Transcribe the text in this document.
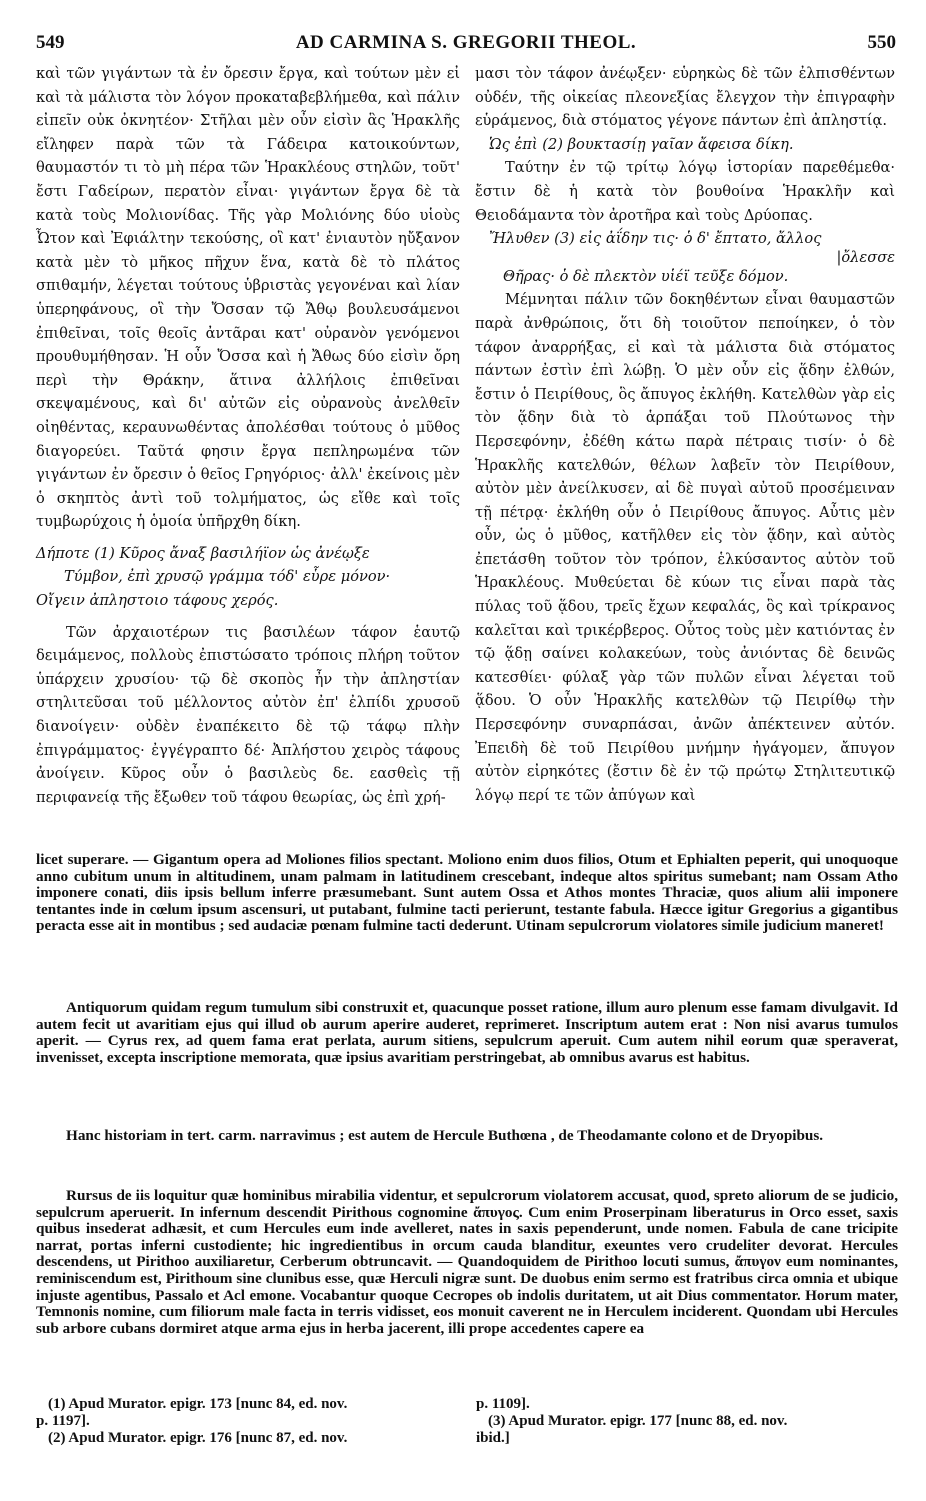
549	AD CARMINA S. GREGORII THEOL.	550

καὶ τῶν γιγάντων τὰ ἐν ὄρεσιν ἔργα, καὶ τούτων μὲν εἰ καὶ τὰ μάλιστα τὸν λόγον προκαταβεβλήμεθα, καὶ πάλιν εἰπεῖν οὐκ ὀκνητέον· Στῆλαι μὲν οὖν εἰσὶν ἃς Ἡρακλῆς εἴληφεν παρὰ τῶν τὰ Γάδειρα κατοικούντων, θαυμαστόν τι τὸ μὴ πέρα τῶν Ἡρακλέους στηλῶν, τοῦτ' ἔστι Γαδείρων, περατὸν εἶναι· γιγάντων ἔργα δὲ τὰ κατὰ τοὺς Μολιονίδας. Τῆς γὰρ Μολιόνης δύο υἱοὺς Ὦτον καὶ Ἐφιάλτην τεκούσης, οἳ κατ' ἐνιαυτὸν ηὔξανον κατὰ μὲν τὸ μῆκος πῆχυν ἕνα, κατὰ δὲ τὸ πλάτος σπιθαμήν, λέγεται τούτους ὑβριστὰς γεγονέναι καὶ λίαν ὑπερηφάνους, οἳ τὴν Ὄσσαν τῷ Ἄθῳ βουλευσάμενοι ἐπιθεῖναι, τοῖς θεοῖς ἀντᾶραι κατ' οὐρανὸν γενόμενοι προυθυμήθησαν. Ἡ οὖν Ὄσσα καὶ ἡ Ἄθως δύο εἰσὶν ὄρη περὶ τὴν Θράκην, ἅτινα ἀλλήλοις ἐπιθεῖναι σκεψαμένους, καὶ δι' αὐτῶν εἰς οὐρανοὺς ἀνελθεῖν οἰηθέντας, κεραυνωθέντας ἀπολέσθαι τούτους ὁ μῦθος διαγορεύει. Ταῦτά φησιν ἔργα πεπληρωμένα τῶν γιγάντων ἐν ὄρεσιν ὁ θεῖος Γρηγόριος· ἀλλ' ἐκείνοις μὲν ὁ σκηπτὸς ἀντὶ τοῦ τολμήματος, ὡς εἴθε καὶ τοῖς τυμβωρύχοις ἡ ὁμοία ὑπῆρχθη δίκη.

Δήποτε (1) Κῦρος ἄναξ βασιλήϊον ὡς ἀνέῳξε

Τύμβον, ἐπὶ χρυσῷ γράμμα τόδ' εὗρε μόνον·

Οἴγειν ἀπληστοιο τάφους χερός.

Τῶν ἀρχαιοτέρων τις βασιλέων τάφον ἑαυτῷ δειμάμενος, πολλοὺς ἐπιστώσατο τρόποις πλήρη τοῦτον ὑπάρχειν χρυσίου· τῷ δὲ σκοπὸς ἦν τὴν ἀπληστίαν στηλιτεῦσαι τοῦ μέλλοντος αὐτὸν ἐπ' ἐλπίδι χρυσοῦ διανοίγειν· οὐδὲν ἐναπέκειτο δὲ τῷ τάφῳ πλὴν ἐπιγράμματος· ἐγγέγραπτο δέ· Ἀπλήστου χειρὸς τάφους ἀνοίγειν. Κῦρος οὖν ὁ βασιλεὺς δε. εασθεὶς τῇ περιφανείᾳ τῆς ἔξωθεν τοῦ τάφου θεωρίας, ὡς ἐπὶ χρή-

μασι τὸν τάφον ἀνέῳξεν· εὑρηκὼς δὲ τῶν ἐλπισθέντων οὐδέν, τῆς οἰκείας πλεονεξίας ἔλεγχον τὴν ἐπιγραφὴν εὑράμενος, διὰ στόματος γέγονε πάντων ἐπὶ ἀπληστίᾳ.

Ὡς ἐπὶ (2) βουκτασίῃ γαῖαν ἄφεισα δίκη.

Ταύτην ἐν τῷ τρίτῳ λόγῳ ἱστορίαν παρεθέμεθα· ἔστιν δὲ ἡ κατὰ τὸν βουθοίνα Ἡρακλῆν καὶ Θειοδάμαντα τὸν ἀροτῆρα καὶ τοὺς Δρύοπας.

Ἤλυθεν (3) εἰς ἀΐδην τις· ὁ δ' ἔπτατο, ἄλλος

|ὄλεσσε

Θῆρας· ὁ δὲ πλεκτὸν υἱέϊ τεῦξε δόμον.

Μέμνηται πάλιν τῶν δοκηθέντων εἶναι θαυμαστῶν παρὰ ἀνθρώποις, ὅτι δὴ τοιοῦτον πεποίηκεν, ὁ τὸν τάφον ἀναρρήξας, εἰ καὶ τὰ μάλιστα διὰ στόματος πάντων ἐστὶν ἐπὶ λώβῃ. Ὁ μὲν οὖν εἰς ᾅδην ἐλθών, ἔστιν ὁ Πειρίθους, ὃς ἄπυγος ἐκλήθη. Κατελθὼν γὰρ εἰς τὸν ᾅδην διὰ τὸ ἁρπάξαι τοῦ Πλούτωνος τὴν Περσεφόνην, ἐδέθη κάτω παρὰ πέτραις τισίν· ὁ δὲ Ἡρακλῆς κατελθών, θέλων λαβεῖν τὸν Πειρίθουν, αὐτὸν μὲν ἀνείλκυσεν, αἱ δὲ πυγαὶ αὐτοῦ προσέμειναν τῇ πέτρᾳ· ἐκλήθη οὖν ὁ Πειρίθους ἄπυγος. Αὖτις μὲν οὖν, ὡς ὁ μῦθος, κατῆλθεν εἰς τὸν ᾅδην, καὶ αὐτὸς ἐπετάσθη τοῦτον τὸν τρόπον, ἑλκύσαντος αὐτὸν τοῦ Ἡρακλέους. Μυθεύεται δὲ κύων τις εἶναι παρὰ τὰς πύλας τοῦ ᾅδου, τρεῖς ἔχων κεφαλάς, ὃς καὶ τρίκρανος καλεῖται καὶ τρικέρβερος. Οὗτος τοὺς μὲν κατιόντας ἐν τῷ ᾅδῃ σαίνει κολακεύων, τοὺς ἀνιόντας δὲ δεινῶς κατεσθίει· φύλαξ γὰρ τῶν πυλῶν εἶναι λέγεται τοῦ ᾅδου. Ὁ οὖν Ἡρακλῆς κατελθὼν τῷ Πειρίθῳ τὴν Περσεφόνην συναρπάσαι, ἀνῶν ἀπέκτεινεν αὐτόν. Ἐπειδὴ δὲ τοῦ Πειρίθου μνήμην ἠγάγομεν, ἄπυγον αὐτὸν εἰρηκότες (ἔστιν δὲ ἐν τῷ πρώτῳ Στηλιτευτικῷ λόγῳ περί τε τῶν ἀπύγων καὶ

licet superare. — Gigantum opera ad Moliones filios spectant. Moliono enim duos filios, Otum et Ephialten peperit, qui unoquoque anno cubitum unum in altitudinem, unam palmam in latitudinem crescebant, indeque altos spiritus sumebant; nam Ossam Atho imponere conati, diis ipsis bellum inferre præsumebant. Sunt autem Ossa et Athos montes Thraciæ, quos alium alii imponere tentantes inde in cœlum ipsum ascensuri, ut putabant, fulmine tacti perierunt, testante fabula. Hæcce igitur Gregorius a gigantibus peracta esse ait in montibus ; sed audaciæ pœnam fulmine tacti dederunt. Utinam sepulcrorum violatores simile judicium maneret!

Antiquorum quidam regum tumulum sibi construxit et, quacunque posset ratione, illum auro plenum esse famam divulgavit. Id autem fecit ut avaritiam ejus qui illud ob aurum aperire auderet, reprimeret. Inscriptum autem erat : Non nisi avarus tumulos aperit. — Cyrus rex, ad quem fama erat perlata, aurum sitiens, sepulcrum aperuit. Cum autem nihil eorum quæ speraverat, invenisset, excepta inscriptione memorata, quæ ipsius avaritiam perstringebat, ab omnibus avarus est habitus.

Hanc historiam in tert. carm. narravimus ; est autem de Hercule Buthœna , de Theodamante colono et de Dryopibus.

Rursus de iis loquitur quæ hominibus mirabilia videntur, et sepulcrorum violatorem accusat, quod, spreto aliorum de se judicio, sepulcrum aperuerit. In infernum descendit Pirithous cognomine ἄπυγος. Cum enim Proserpinam liberaturus in Orco esset, saxis quibus insederat adhæsit, et cum Hercules eum inde avelleret, nates in saxis pependerunt, unde nomen. Fabula de cane tricipite narrat, portas inferni custodiente; hic ingredientibus in orcum cauda blanditur, exeuntes vero crudeliter devorat. Hercules descendens, ut Pirithoo auxiliaretur, Cerberum obtruncavit. — Quandoquidem de Pirithoo locuti sumus, ἄπυγον eum nominantes, reminiscendum est, Pirithoum sine clunibus esse, quæ Herculi nigræ sunt. De duobus enim sermo est fratribus circa omnia et ubique injuste agentibus, Passalo et Acl emone. Vocabantur quoque Cecropes ob indolis duritatem, ut ait Dius commentator. Horum mater, Temnonis nomine, cum filiorum male facta in terris vidisset, eos monuit caverent ne in Herculem inciderent. Quondam ubi Hercules sub arbore cubans dormiret atque arma ejus in herba jacerent, illi prope accedentes capere ea

(1) Apud Murator. epigr. 173 [nunc 84, ed. nov.

p. 1197].

(2) Apud Murator. epigr. 176 [nunc 87, ed. nov.

p. 1109].

(3) Apud Murator. epigr. 177 [nunc 88, ed. nov.

ibid.]
